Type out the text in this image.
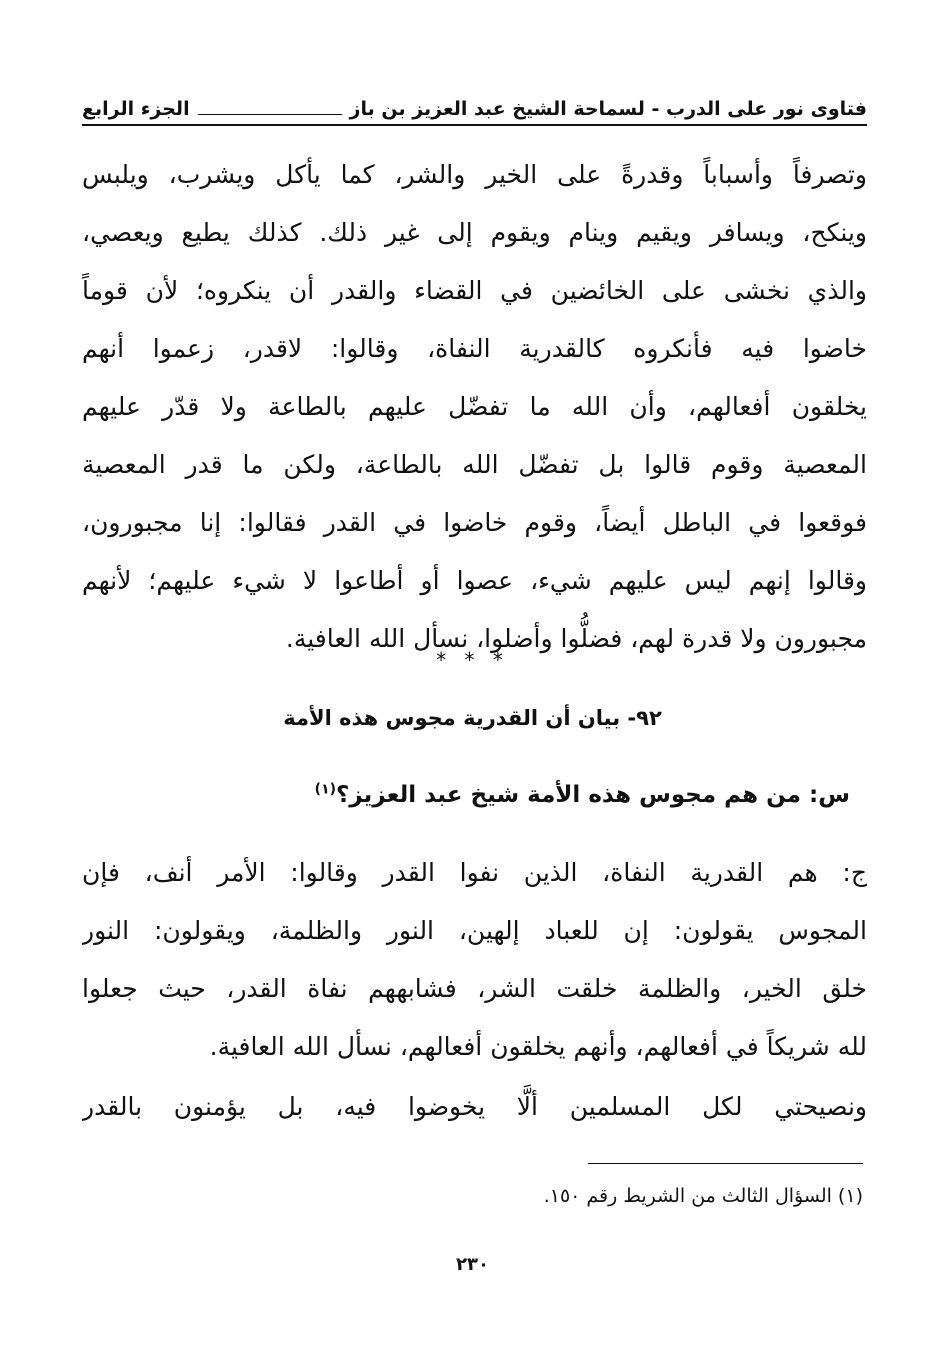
فتاوى نور على الدرب - لسماحة الشيخ عبد العزيز بن باز
الجزء الرابع
وتصرفاً وأسباباً وقدرةً على الخير والشر، كما يأكل ويشرب، ويلبس
وينكح، ويسافر ويقيم وينام ويقوم إلى غير ذلك. كذلك يطيع ويعصي،
والذي نخشى على الخائضين في القضاء والقدر أن ينكروه؛ لأن قوماً
خاضوا فيه فأنكروه كالقدرية النفاة، وقالوا: لاقدر، زعموا أنهم
يخلقون أفعالهم، وأن الله ما تفضّل عليهم بالطاعة ولا قدّر عليهم
المعصية وقوم قالوا بل تفضّل الله بالطاعة، ولكن ما قدر المعصية
فوقعوا في الباطل أيضاً، وقوم خاضوا في القدر فقالوا: إنا مجبورون،
وقالوا إنهم ليس عليهم شيء، عصوا أو أطاعوا لا شيء عليهم؛ لأنهم
مجبورون ولا قدرة لهم، فضلُّوا وأضلوا، نسأل الله العافية.
* * *
٩٢- بيان أن القدرية مجوس هذه الأمة
س: من هم مجوس هذه الأمة شيخ عبد العزيز؟$^{(١)}$
ج: هم القدرية النفاة، الذين نفوا القدر وقالوا: الأمر أنف، فإن
المجوس يقولون: إن للعباد إلهين، النور والظلمة، ويقولون: النور
خلق الخير، والظلمة خلقت الشر، فشابههم نفاة القدر، حيث جعلوا
لله شريكاً في أفعالهم، وأنهم يخلقون أفعالهم، نسأل الله العافية.
ونصيحتي لكل المسلمين ألَّا يخوضوا فيه، بل يؤمنون بالقدر
(١) السؤال الثالث من الشريط رقم ١٥٠.
٢٣٠
